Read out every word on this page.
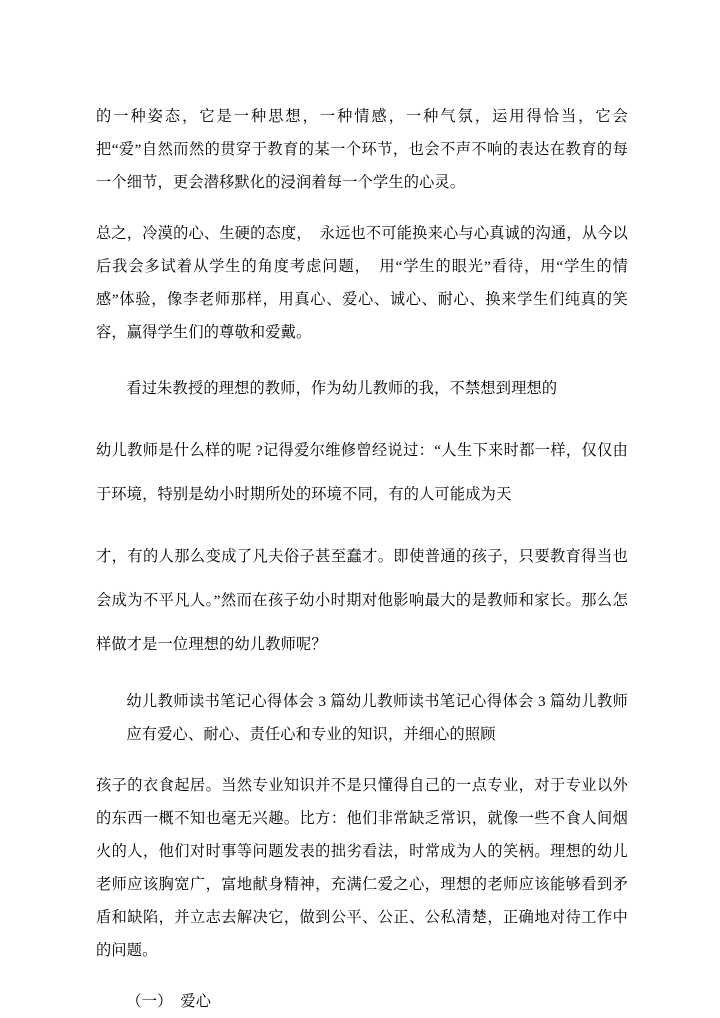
的一种姿态，它是一种思想，一种情感，一种气氛，运用得恰当，它会把“爱”自然而然的贯穿于教育的某一个环节，也会不声不响的表达在教育的每一个细节，更会潜移默化的浸润着每一个学生的心灵。

总之，冷漠的心、生硬的态度，　永远也不可能换来心与心真诚的沟通，从今以后我会多试着从学生的角度考虑问题，　用“学生的眼光”看待，用“学生的情感”体验，像李老师那样，用真心、爱心、诚心、耐心、换来学生们纯真的笑容，赢得学生们的尊敬和爱戴。

看过朱教授的理想的教师，作为幼儿教师的我，不禁想到理想的

幼儿教师是什么样的呢 ?记得爱尔维修曾经说过：“人生下来时都一样，仅仅由于环境，特别是幼小时期所处的环境不同，有的人可能成为天

才，有的人那么变成了凡夫俗子甚至蠢才。即使普通的孩子，只要教育得当也会成为不平凡人。”然而在孩子幼小时期对他影响最大的是教师和家长。那么怎样做才是一位理想的幼儿教师呢？

幼儿教师读书笔记心得体会 3 篇幼儿教师读书笔记心得体会 3 篇幼儿教师应有爱心、耐心、责任心和专业的知识，并细心的照顾

孩子的衣食起居。当然专业知识并不是只懂得自己的一点专业，对于专业以外的东西一概不知也毫无兴趣。比方：他们非常缺乏常识，就像一些不食人间烟火的人，他们对时事等问题发表的拙劣看法，时常成为人的笑柄。理想的幼儿老师应该胸宽广，富地献身精神，充满仁爱之心，理想的老师应该能够看到矛盾和缺陷，并立志去解决它，做到公平、公正、公私清楚，正确地对待工作中的问题。

（一）　爱心
